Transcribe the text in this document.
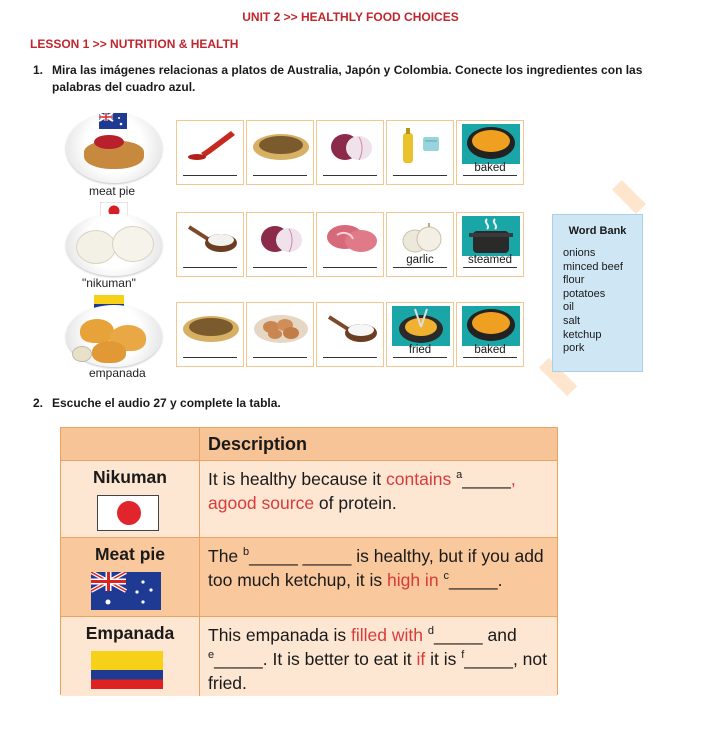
UNIT 2 >> HEALTHLY FOOD CHOICES
LESSON 1 >> NUTRITION & HEALTH
1. Mira las imágenes relacionas a platos de Australia, Japón y Colombia. Conecte los ingredientes con las palabras del cuadro azul.
meat pie
"nikuman"
empanada
baked
garlic	steamed
fried	baked
Word Bank
onions
minced beef
flour
potatoes
oil
salt
ketchup
pork
2. Escuche el audio 27 y complete la tabla.
Description
Nikuman	It is healthy because it contains $^a$_____, agood source of protein.
Meat pie	The $^b$_____ _____ is healthy, but if you add too much ketchup, it is high in $^c$_____.
Empanada	This empanada is filled with $^d$_____ and $^e$_____. It is better to eat it if it is $^f$_____, not fried.
